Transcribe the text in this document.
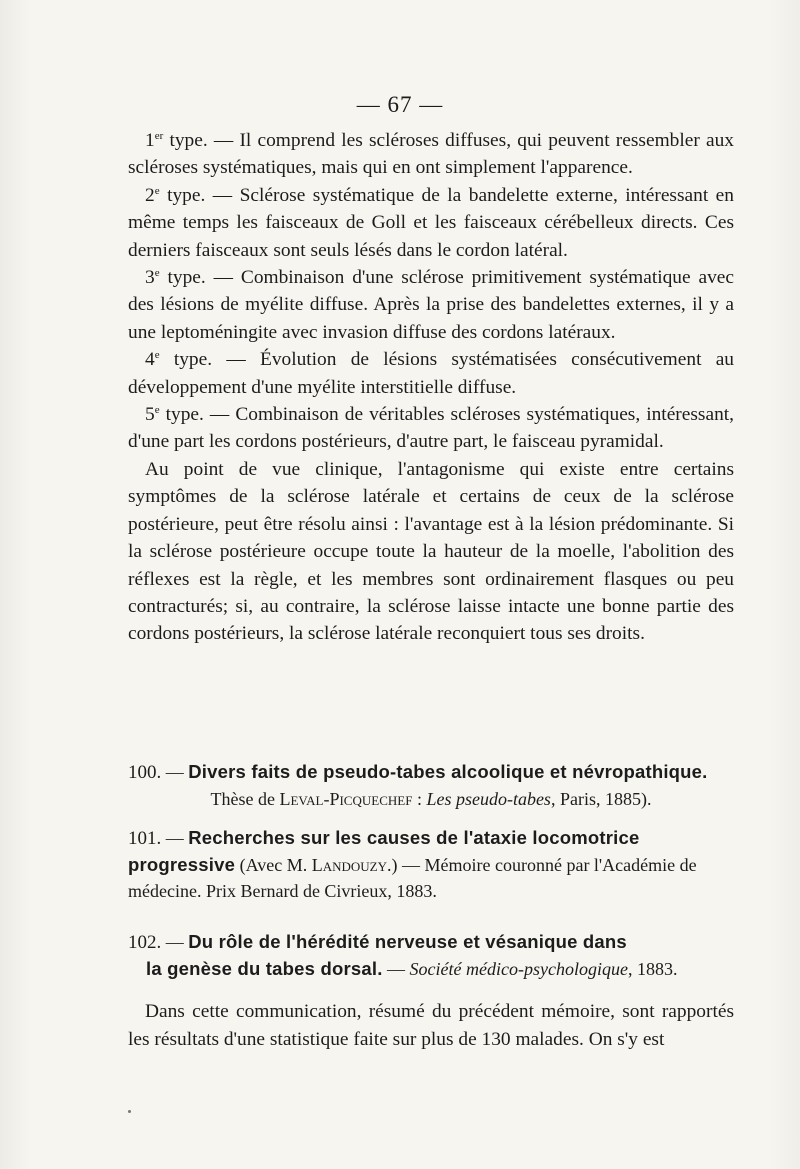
— 67 —

1er type. — Il comprend les scléroses diffuses, qui peuvent ressembler aux scléroses systématiques, mais qui en ont simplement l'apparence.

2e type. — Sclérose systématique de la bandelette externe, intéressant en même temps les faisceaux de Goll et les faisceaux cérébelleux directs. Ces derniers faisceaux sont seuls lésés dans le cordon latéral.

3e type. — Combinaison d'une sclérose primitivement systématique avec des lésions de myélite diffuse. Après la prise des bandelettes externes, il y a une leptoméningite avec invasion diffuse des cordons latéraux.

4e type. — Évolution de lésions systématisées consécutivement au développement d'une myélite interstitielle diffuse.

5e type. — Combinaison de véritables scléroses systématiques, intéressant, d'une part les cordons postérieurs, d'autre part, le faisceau pyramidal.

Au point de vue clinique, l'antagonisme qui existe entre certains symptômes de la sclérose latérale et certains de ceux de la sclérose postérieure, peut être résolu ainsi : l'avantage est à la lésion prédominante. Si la sclérose postérieure occupe toute la hauteur de la moelle, l'abolition des réflexes est la règle, et les membres sont ordinairement flasques ou peu contracturés; si, au contraire, la sclérose laisse intacte une bonne partie des cordons postérieurs, la sclérose latérale reconquiert tous ses droits.

100. — Divers faits de pseudo-tabes alcoolique et névropathique.
Thèse de Leval-Picquechef : Les pseudo-tabes, Paris, 1885).
101. — Recherches sur les causes de l'ataxie locomotrice progressive (Avec M. Landouzy.) — Mémoire couronné par l'Académie de médecine. Prix Bernard de Civrieux, 1883.
102. — Du rôle de l'hérédité nerveuse et vésanique dans
la genèse du tabes dorsal. — Société médico-psychologique, 1883.

Dans cette communication, résumé du précédent mémoire, sont rapportés les résultats d'une statistique faite sur plus de 130 malades. On s'y est
